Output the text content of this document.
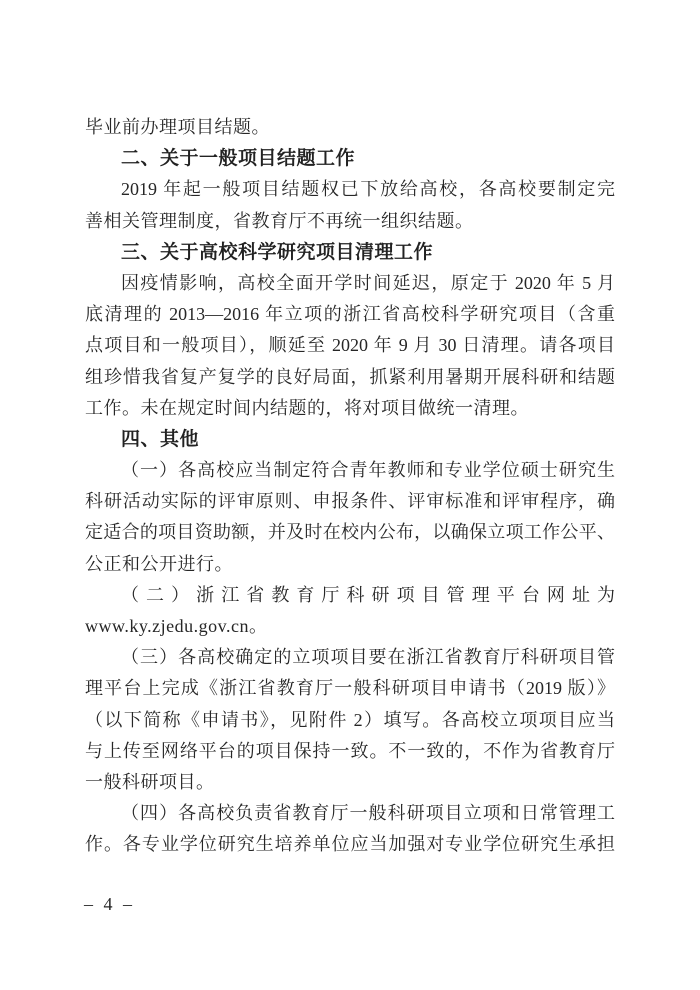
毕业前办理项目结题。
二、关于一般项目结题工作
2019 年起一般项目结题权已下放给高校，各高校要制定完
善相关管理制度，省教育厅不再统一组织结题。
三、关于高校科学研究项目清理工作
因疫情影响，高校全面开学时间延迟，原定于 2020 年 5 月
底清理的 2013—2016 年立项的浙江省高校科学研究项目（含重
点项目和一般项目），顺延至 2020 年 9 月 30 日清理。请各项目
组珍惜我省复产复学的良好局面，抓紧利用暑期开展科研和结题
工作。未在规定时间内结题的，将对项目做统一清理。
四、其他
（一）各高校应当制定符合青年教师和专业学位硕士研究生
科研活动实际的评审原则、申报条件、评审标准和评审程序，确
定适合的项目资助额，并及时在校内公布，以确保立项工作公平、
公正和公开进行。
（二）浙江省教育厅科研项目管理平台网址为
www.ky.zjedu.gov.cn。
（三）各高校确定的立项项目要在浙江省教育厅科研项目管
理平台上完成《浙江省教育厅一般科研项目申请书（2019 版）》
（以下简称《申请书》，见附件 2）填写。各高校立项项目应当
与上传至网络平台的项目保持一致。不一致的，不作为省教育厅
一般科研项目。
（四）各高校负责省教育厅一般科研项目立项和日常管理工
作。各专业学位研究生培养单位应当加强对专业学位研究生承担
– 4 –
